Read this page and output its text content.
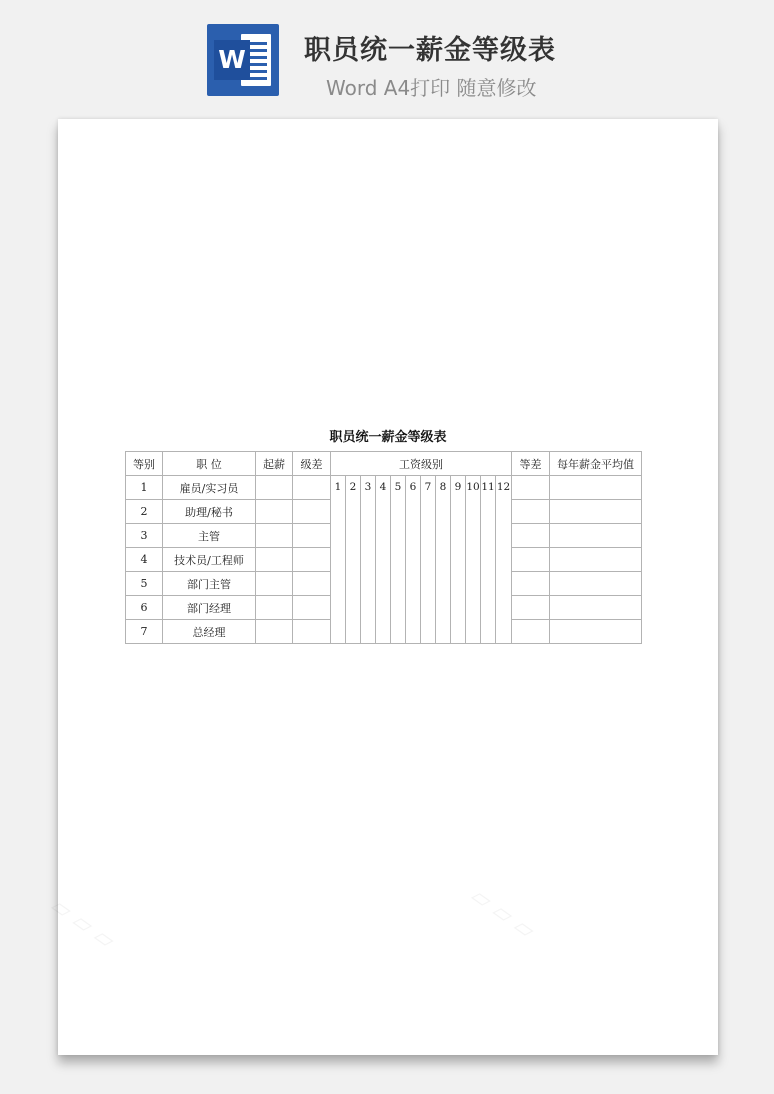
W 职员统一薪金等级表
Word A4打印 随意修改
职员统一薪金等级表
等别	职 位	起薪	级差	工资级别												等差	每年薪金平均值
1	雇员/实习员			1	2	3	4	5	6	7	8	9	10	11	12		
2	助理/秘书																
3	主管																
4	技术员/工程师																
5	部门主管																
6	部门经理																
7	总经理																
